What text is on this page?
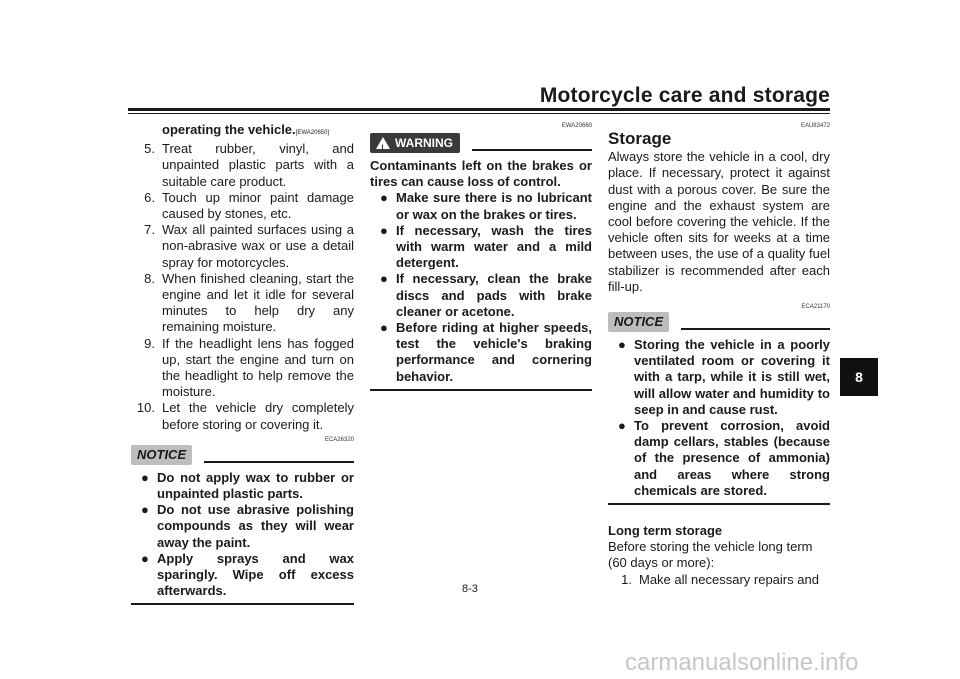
Motorcycle care and storage
8
operating the vehicle.[EWA20650]
5. Treat rubber, vinyl, and unpainted plastic parts with a suitable care product.
6. Touch up minor paint damage caused by stones, etc.
7. Wax all painted surfaces using a non-abrasive wax or use a detail spray for motorcycles.
8. When finished cleaning, start the engine and let it idle for several minutes to help dry any remaining moisture.
9. If the headlight lens has fogged up, start the engine and turn on the headlight to help remove the moisture.
10. Let the vehicle dry completely before storing or covering it.
ECA26320
NOTICE
● Do not apply wax to rubber or unpainted plastic parts.
● Do not use abrasive polishing compounds as they will wear away the paint.
● Apply sprays and wax sparingly. Wipe off excess afterwards.
EWA20660
! WARNING
Contaminants left on the brakes or tires can cause loss of control.
● Make sure there is no lubricant or wax on the brakes or tires.
● If necessary, wash the tires with warm water and a mild detergent.
● If necessary, clean the brake discs and pads with brake cleaner or acetone.
● Before riding at higher speeds, test the vehicle's braking performance and cornering behavior.
EAU83472
Storage
Always store the vehicle in a cool, dry place. If necessary, protect it against dust with a porous cover. Be sure the engine and the exhaust system are cool before covering the vehicle. If the vehicle often sits for weeks at a time between uses, the use of a quality fuel stabilizer is recommended after each fill-up.
ECA21170
NOTICE
● Storing the vehicle in a poorly ventilated room or covering it with a tarp, while it is still wet, will allow water and humidity to seep in and cause rust.
● To prevent corrosion, avoid damp cellars, stables (because of the presence of ammonia) and areas where strong chemicals are stored.
Long term storage
Before storing the vehicle long term (60 days or more):
1. Make all necessary repairs and
8-3
carmanualsonline.info
